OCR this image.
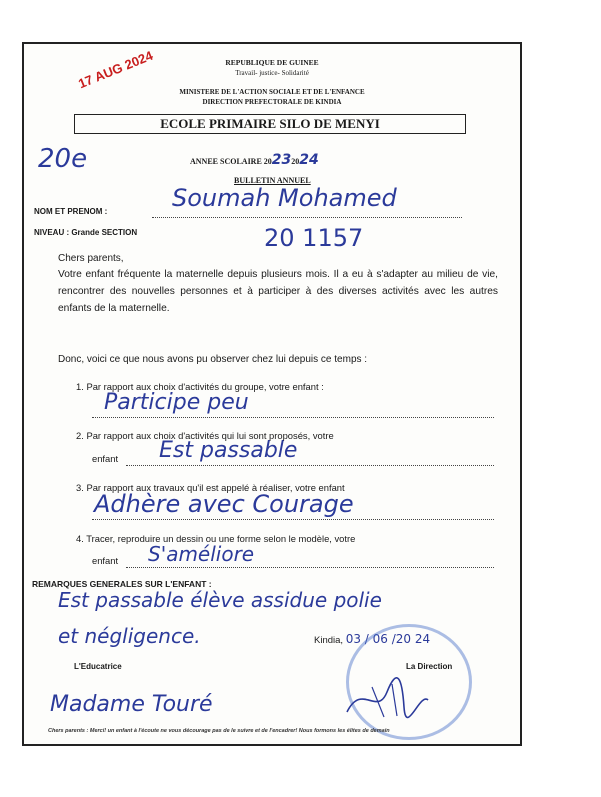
REPUBLIQUE DE GUINEE
Travail- justice- Solidarité
MINISTERE DE L'ACTION SOCIALE ET DE L'ENFANCE
DIRECTION PREFECTORALE DE KINDIA
ECOLE PRIMAIRE SILO DE MENYI
17 AUG 2024
20e	ANNEE SCOLAIRE 20232024
BULLETIN ANNUEL
NOM ET PRENOM :	Soumah Mohamed
NIVEAU : Grande SECTION	20 1157
Chers parents,
Votre enfant fréquente la maternelle depuis plusieurs mois. Il a eu à s'adapter au milieu de vie, rencontrer des nouvelles personnes et à participer à des diverses activités avec les autres enfants de la maternelle.
Donc, voici ce que nous avons pu observer chez lui depuis ce temps :
1. Par rapport aux choix d'activités du groupe, votre enfant :
Participe peu
2. Par rapport aux choix d'activités qui lui sont proposés, votre
enfant Est passable
3. Par rapport aux travaux qu'il est appelé à réaliser, votre enfant
Adhère avec Courage
4. Tracer, reproduire un dessin ou une forme selon le modèle, votre
enfant S'améliore
REMARQUES GENERALES SUR L'ENFANT :
Est passable élève assidue polie
et négligence.	Kindia, 03 / 06 /20 24
L'Educatrice	La Direction
Madame Touré
Chers parents : Merci! un enfant à l'écoute ne vous décourage pas de le suivre et de l'encadrer! Nous formons les élites de demain
